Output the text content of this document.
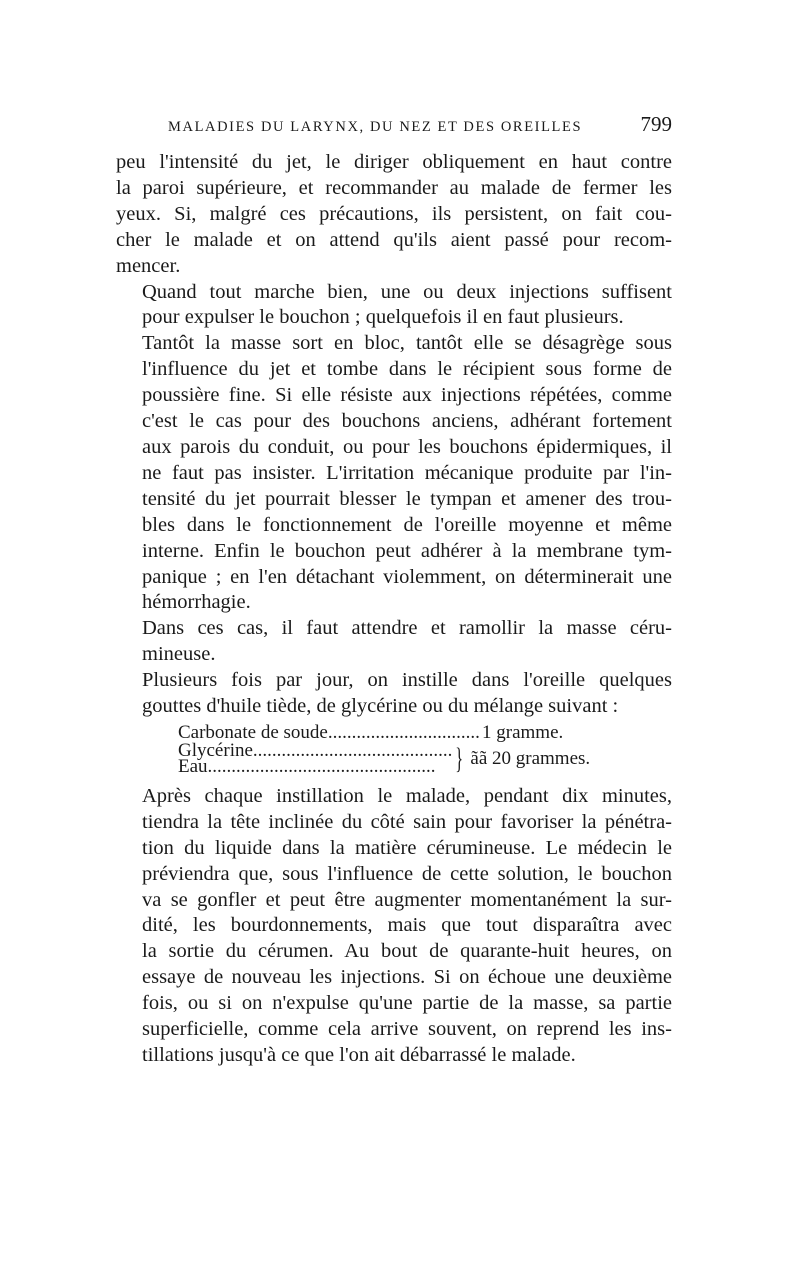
MALADIES DU LARYNX, DU NEZ ET DES OREILLES	799
peu l'intensité du jet, le diriger obliquement en haut contre
la paroi supérieure, et recommander au malade de fermer les
yeux. Si, malgré ces précautions, ils persistent, on fait cou-
cher le malade et on attend qu'ils aient passé pour recom-
mencer.
Quand tout marche bien, une ou deux injections suffisent
pour expulser le bouchon ; quelquefois il en faut plusieurs.
Tantôt la masse sort en bloc, tantôt elle se désagrège sous
l'influence du jet et tombe dans le récipient sous forme de
poussière fine. Si elle résiste aux injections répétées, comme
c'est le cas pour des bouchons anciens, adhérant fortement
aux parois du conduit, ou pour les bouchons épidermiques, il
ne faut pas insister. L'irritation mécanique produite par l'in-
tensité du jet pourrait blesser le tympan et amener des trou-
bles dans le fonctionnement de l'oreille moyenne et même
interne. Enfin le bouchon peut adhérer à la membrane tym-
panique ; en l'en détachant violemment, on déterminerait une
hémorrhagie.
Dans ces cas, il faut attendre et ramollir la masse céru-
mineuse.
Plusieurs fois par jour, on instille dans l'oreille quelques
gouttes d'huile tiède, de glycérine ou du mélange suivant :
Carbonate de soude................................ 1 gramme.
Glycérine..........................................
Eau................................................ } ãã 20 grammes.
Après chaque instillation le malade, pendant dix minutes,
tiendra la tête inclinée du côté sain pour favoriser la pénétra-
tion du liquide dans la matière cérumineuse. Le médecin le
préviendra que, sous l'influence de cette solution, le bouchon
va se gonfler et peut être augmenter momentanément la sur-
dité, les bourdonnements, mais que tout disparaîtra avec
la sortie du cérumen. Au bout de quarante-huit heures, on
essaye de nouveau les injections. Si on échoue une deuxième
fois, ou si on n'expulse qu'une partie de la masse, sa partie
superficielle, comme cela arrive souvent, on reprend les ins-
tillations jusqu'à ce que l'on ait débarrassé le malade.
